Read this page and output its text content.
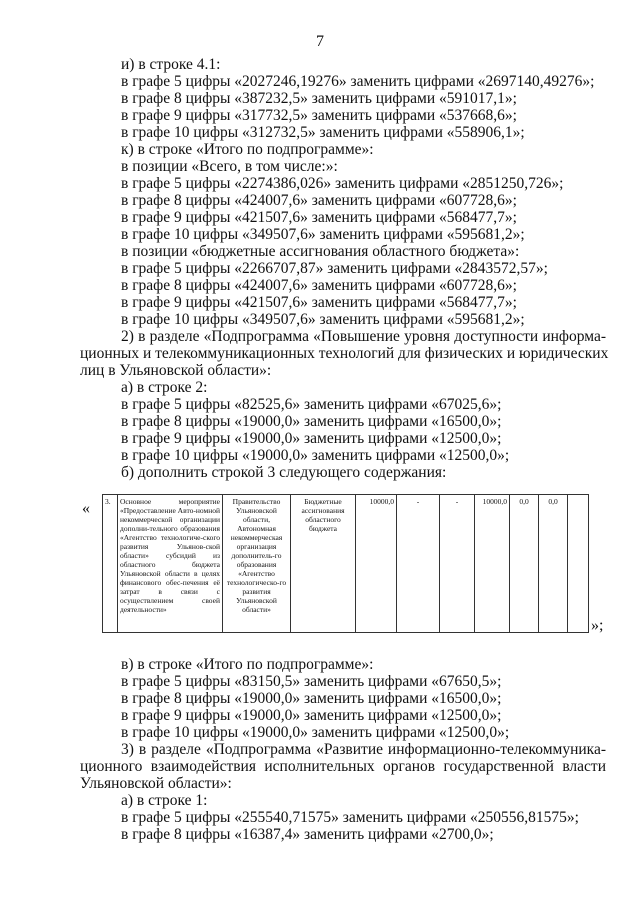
7
и) в строке 4.1:
в графе 5 цифры «2027246,19276» заменить цифрами «2697140,49276»;
в графе 8 цифры «387232,5» заменить цифрами «591017,1»;
в графе 9 цифры «317732,5» заменить цифрами «537668,6»;
в графе 10 цифры «312732,5» заменить цифрами «558906,1»;
к) в строке «Итого по подпрограмме»:
в позиции «Всего, в том числе:»:
в графе 5 цифры «2274386,026» заменить цифрами «2851250,726»;
в графе 8 цифры «424007,6» заменить цифрами «607728,6»;
в графе 9 цифры «421507,6» заменить цифрами «568477,7»;
в графе 10 цифры «349507,6» заменить цифрами «595681,2»;
в позиции «бюджетные ассигнования областного бюджета»:
в графе 5 цифры «2266707,87» заменить цифрами «2843572,57»;
в графе 8 цифры «424007,6» заменить цифрами «607728,6»;
в графе 9 цифры «421507,6» заменить цифрами «568477,7»;
в графе 10 цифры «349507,6» заменить цифрами «595681,2»;
2) в разделе «Подпрограмма «Повышение уровня доступности информа-
ционных и телекоммуникационных технологий для физических и юридических
лиц в Ульяновской области»:
а) в строке 2:
в графе 5 цифры «82525,6» заменить цифрами «67025,6»;
в графе 8 цифры «19000,0» заменить цифрами «16500,0»;
в графе 9 цифры «19000,0» заменить цифрами «12500,0»;
в графе 10 цифры «19000,0» заменить цифрами «12500,0»;
б) дополнить строкой 3 следующего содержания:
« 3.	Основное мероприятие «Предоставление Авто-номной некоммерческой организации дополни-тельного образования «Агентство технологиче-ского развития Ульянов-ской области» субсидий из областного бюджета Ульяновской области в целях финансового обес-печения её затрат в связи с осуществлением своей деятельности»	Правительство Ульяновской области, Автономная некоммерческая организация дополнитель-го образования «Агентство технологическо-го развития Ульяновской области»	Бюджетные ассигнования областного бюджета	10000,0	-	-	10000,0	0,0	0,0	
»;
в) в строке «Итого по подпрограмме»:
в графе 5 цифры «83150,5» заменить цифрами «67650,5»;
в графе 8 цифры «19000,0» заменить цифрами «16500,0»;
в графе 9 цифры «19000,0» заменить цифрами «12500,0»;
в графе 10 цифры «19000,0» заменить цифрами «12500,0»;
3) в разделе «Подпрограмма «Развитие информационно-телекоммуника-
ционного взаимодействия исполнительных органов государственной власти
Ульяновской области»:
а) в строке 1:
в графе 5 цифры «255540,71575» заменить цифрами «250556,81575»;
в графе 8 цифры «16387,4» заменить цифрами «2700,0»;
